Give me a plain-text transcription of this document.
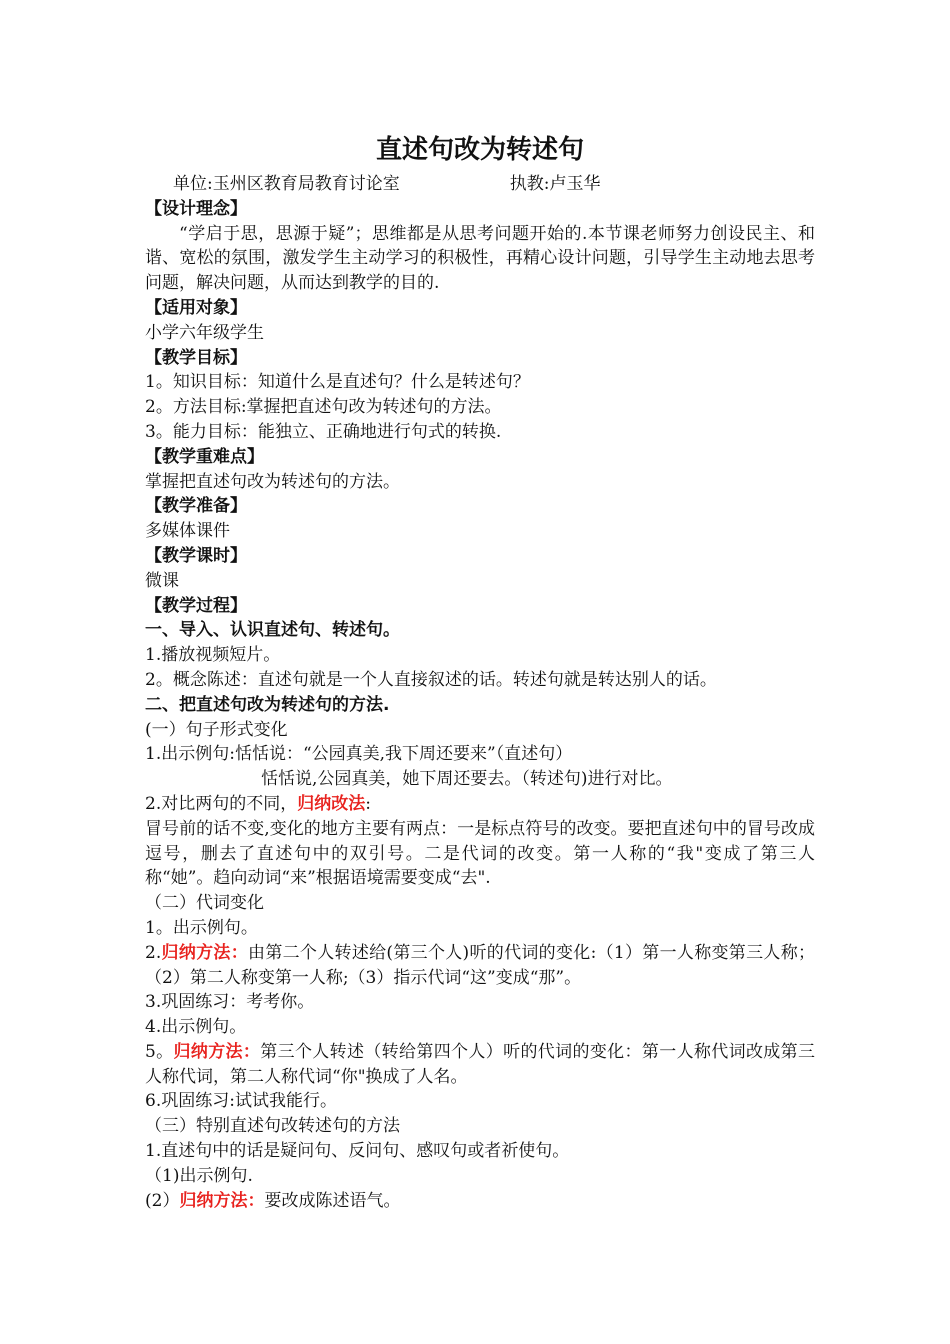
直述句改为转述句

单位:玉州区教育局教育讨论室	执教:卢玉华

【设计理念】

“学启于思，思源于疑”；思维都是从思考问题开始的.本节课老师努力创设民主、和谐、宽松的氛围，激发学生主动学习的积极性，再精心设计问题，引导学生主动地去思考问题，解决问题，从而达到教学的目的.

【适用对象】

小学六年级学生

【教学目标】

1。知识目标：知道什么是直述句？什么是转述句？

2。方法目标:掌握把直述句改为转述句的方法。

3。能力目标：能独立、正确地进行句式的转换.

【教学重难点】

掌握把直述句改为转述句的方法。

【教学准备】

多媒体课件

【教学课时】

微课

【教学过程】

一、导入、认识直述句、转述句。

1.播放视频短片。

2。概念陈述：直述句就是一个人直接叙述的话。转述句就是转达别人的话。

二、把直述句改为转述句的方法.

(一）句子形式变化

1.出示例句:恬恬说：“公园真美,我下周还要来”（直述句）

恬恬说,公园真美，她下周还要去。（转述句)进行对比。

2.对比两句的不同，归纳改法:

冒号前的话不变,变化的地方主要有两点：一是标点符号的改变。要把直述句中的冒号改成逗号，删去了直述句中的双引号。二是代词的改变。第一人称的“我"变成了第三人称“她”。趋向动词“来”根据语境需要变成“去".

（二）代词变化

1。出示例句。

2.归纳方法：由第二个人转述给(第三个人)听的代词的变化:（1）第一人称变第三人称；（2）第二人称变第一人称;（3）指示代词“这”变成“那”。

3.巩固练习：考考你。

4.出示例句。

5。归纳方法：第三个人转述（转给第四个人）听的代词的变化：第一人称代词改成第三人称代词，第二人称代词“你"换成了人名。

6.巩固练习:试试我能行。

（三）特别直述句改转述句的方法

1.直述句中的话是疑问句、反问句、感叹句或者祈使句。

（1)出示例句.

(2）归纳方法：要改成陈述语气。
